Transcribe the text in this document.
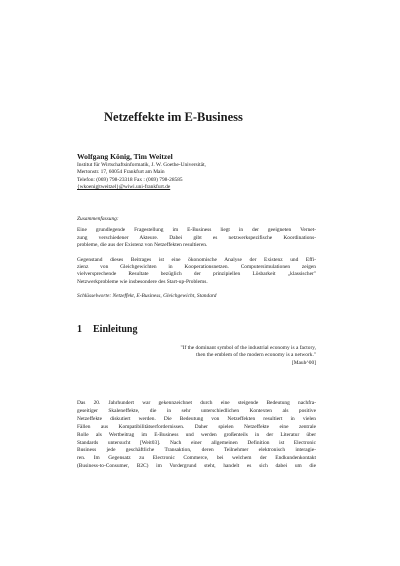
Netzeffekte im E-Business
Wolfgang König, Tim Weitzel
Institut für Wirtschaftsinformatik, J. W. Goethe-Universität,
Mertonstr. 17, 60054 Frankfurt am Main
Telefon: (069) 798-23318 Fax : (069) 798-28585
{wkoenig|tweitzel}@wiwi.uni-frankfurt.de
Zusammenfassung:
Eine grundlegende Fragestellung im E-Business liegt in der geeigneten Vernet-
zung verschiedener Akteure. Dabei gibt es netzwerkspezifische Koordinations-
probleme, die aus der Existenz von Netzeffekten resultieren.
Gegenstand dieses Beitrages ist eine ökonomische Analyse der Existenz und Effi-
zienz von Gleichgewichten in Kooperationsnetzen. Computersimulationen zeigen
vielversprechende Resultate bezüglich der prinzipiellen Lösbarkeit „klassischer"
Netzwerkprobleme wie insbesondere des Start-up-Problems.
Schlüsselworte: Netzeffekt, E-Business, Gleichgewicht, Standard
1 Einleitung
"If the dominant symbol of the industrial economy is a factory,
then the emblem of the modern economy is a network."
[Mauh^00]
Das 20. Jahrhundert war gekennzeichnet durch eine steigende Bedeutung nachfra-
geseitiger Skaleneffekte, die in sehr unterschiedlichen Kontexten als positive
Netzeffekte diskutiert werden. Die Bedeutung von Netzeffekten resultiert in vielen
Fällen aus Kompatibilitätserfordernissen. Daher spielen Netzeffekte eine zentrale
Rolle als Wertbeitrag im E-Business und werden großenteils in der Literatur über
Standards untersucht [Weit03]. Nach einer allgemeinen Definition ist Electronic
Business jede geschäftliche Transaktion, deren Teilnehmer elektronisch interagie-
ren. Im Gegensatz zu Electronic Commerce, bei welchem der Endkundenkontakt
(Business-to-Consumer, B2C) im Vordergrund steht, handelt es sich dabei um die
